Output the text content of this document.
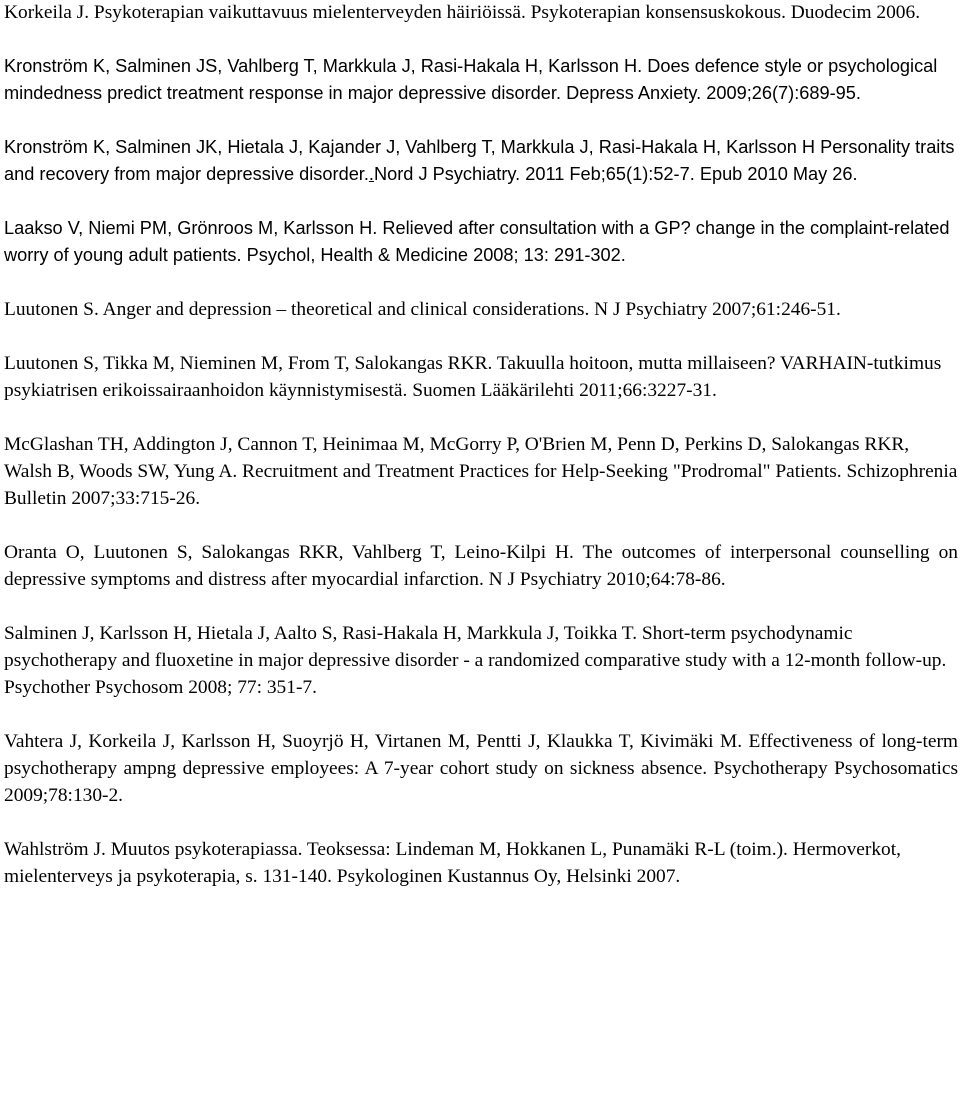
Korkeila J. Psykoterapian vaikuttavuus mielenterveyden häiriöissä. Psykoterapian konsensuskokous. Duodecim 2006.

Kronström K, Salminen JS, Vahlberg T, Markkula J, Rasi-Hakala H, Karlsson H. Does defence style or psychological mindedness predict treatment response in major depressive disorder. Depress Anxiety. 2009;26(7):689-95.

Kronström K, Salminen JK, Hietala J, Kajander J, Vahlberg T, Markkula J, Rasi-Hakala H, Karlsson H Personality traits and recovery from major depressive disorder..Nord J Psychiatry. 2011 Feb;65(1):52-7. Epub 2010 May 26.

Laakso V, Niemi PM, Grönroos M, Karlsson H. Relieved after consultation with a GP? change in the complaint-related worry of young adult patients. Psychol, Health & Medicine 2008; 13: 291-302.

Luutonen S. Anger and depression – theoretical and clinical considerations. N J Psychiatry 2007;61:246-51.

Luutonen S, Tikka M, Nieminen M, From T, Salokangas RKR. Takuulla hoitoon, mutta millaiseen? VARHAIN-tutkimus psykiatrisen erikoissairaanhoidon käynnistymisestä. Suomen Lääkärilehti 2011;66:3227-31.

McGlashan TH, Addington J, Cannon T, Heinimaa M, McGorry P, O'Brien M, Penn D, Perkins D, Salokangas RKR, Walsh B, Woods SW, Yung A. Recruitment and Treatment Practices for Help-Seeking "Prodromal" Patients. Schizophrenia Bulletin 2007;33:715-26.

Oranta O, Luutonen S, Salokangas RKR, Vahlberg T, Leino-Kilpi H. The outcomes of interpersonal counselling on depressive symptoms and distress after myocardial infarction. N J Psychiatry 2010;64:78-86.

Salminen J, Karlsson H, Hietala J, Aalto S, Rasi-Hakala H, Markkula J, Toikka T. Short-term psychodynamic psychotherapy and fluoxetine in major depressive disorder - a randomized comparative study with a 12-month follow-up. Psychother Psychosom 2008; 77: 351-7.

Vahtera J, Korkeila J, Karlsson H, Suoyrjö H, Virtanen M, Pentti J, Klaukka T, Kivimäki M. Effectiveness of long-term psychotherapy ampng depressive employees: A 7-year cohort study on sickness absence. Psychotherapy Psychosomatics 2009;78:130-2.

Wahlström J. Muutos psykoterapiassa. Teoksessa: Lindeman M, Hokkanen L, Punamäki R-L (toim.). Hermoverkot, mielenterveys ja psykoterapia, s. 131-140. Psykologinen Kustannus Oy, Helsinki 2007.
